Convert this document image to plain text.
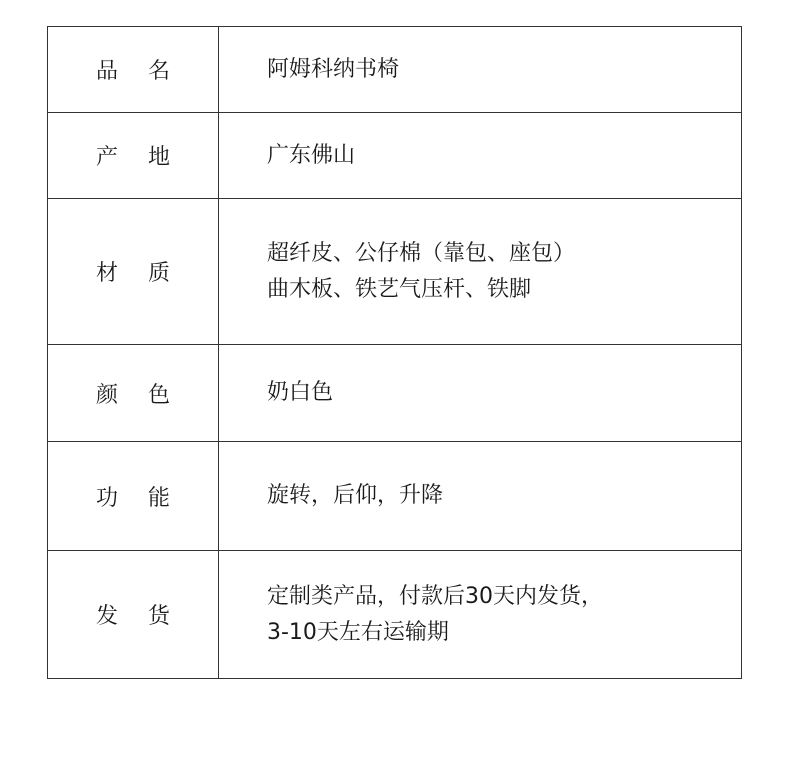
品　名	阿姆科纳书椅

产　地	广东佛山

材　质	超纤皮、公仔棉（靠包、座包）
曲木板、铁艺气压杆、铁脚

颜　色	奶白色

功　能	旋转，后仰，升降

发　货	定制类产品，付款后30天内发货，
3-10天左右运输期
